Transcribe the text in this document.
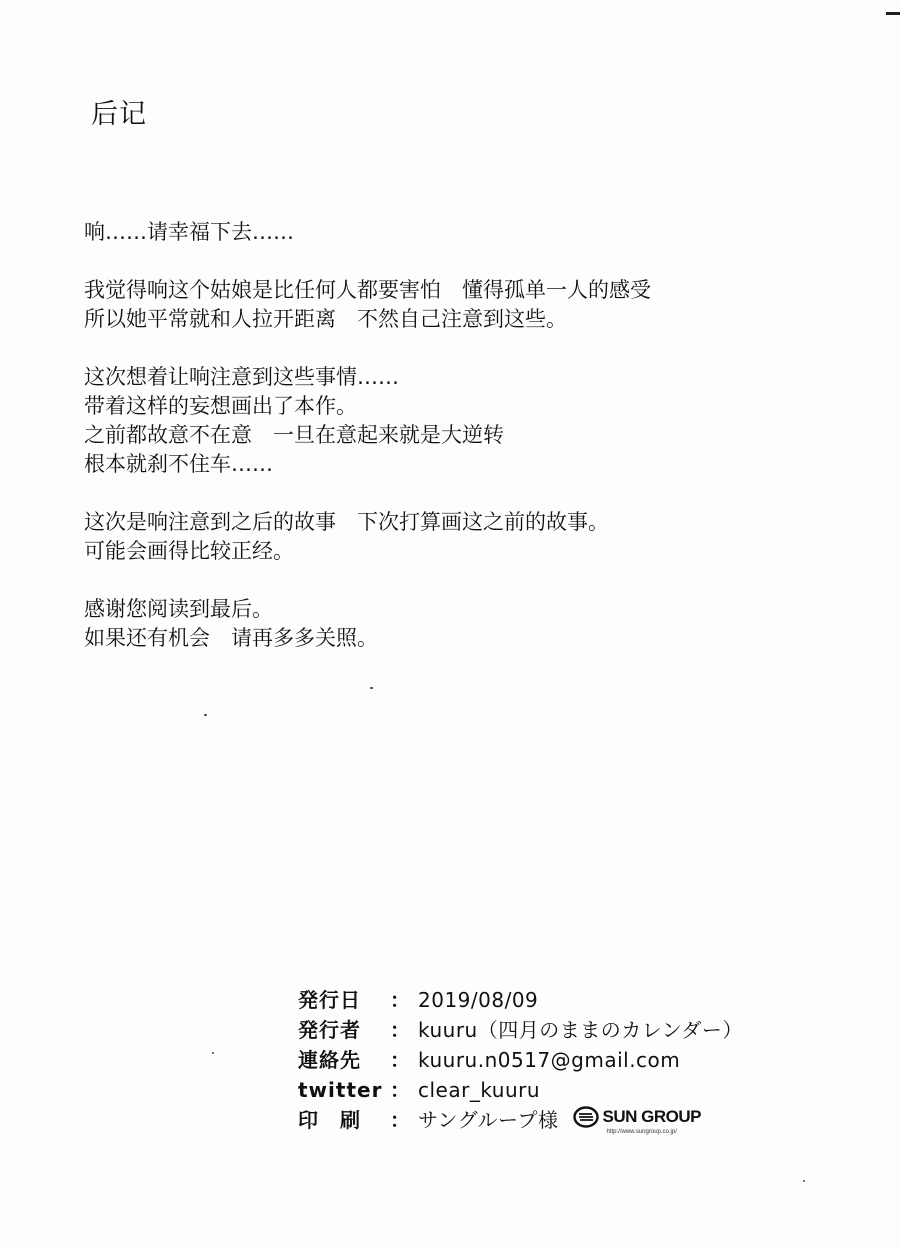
后记
响……请幸福下去……
我觉得响这个姑娘是比任何人都要害怕　懂得孤单一人的感受
所以她平常就和人拉开距离　不然自己注意到这些。
这次想着让响注意到这些事情……
带着这样的妄想画出了本作。
之前都故意不在意　一旦在意起来就是大逆转
根本就刹不住车……
这次是响注意到之后的故事　下次打算画这之前的故事。
可能会画得比较正经。
感谢您阅读到最后。
如果还有机会　请再多多关照。
発行日	： 2019/08/09
発行者	： kuuru（四月のままのカレンダー）
連絡先	： kuuru.n0517@gmail.com
twitter ： clear_kuuru
印　刷	： サングループ様	SUN GROUP
http://www.sungroup.co.jp/
